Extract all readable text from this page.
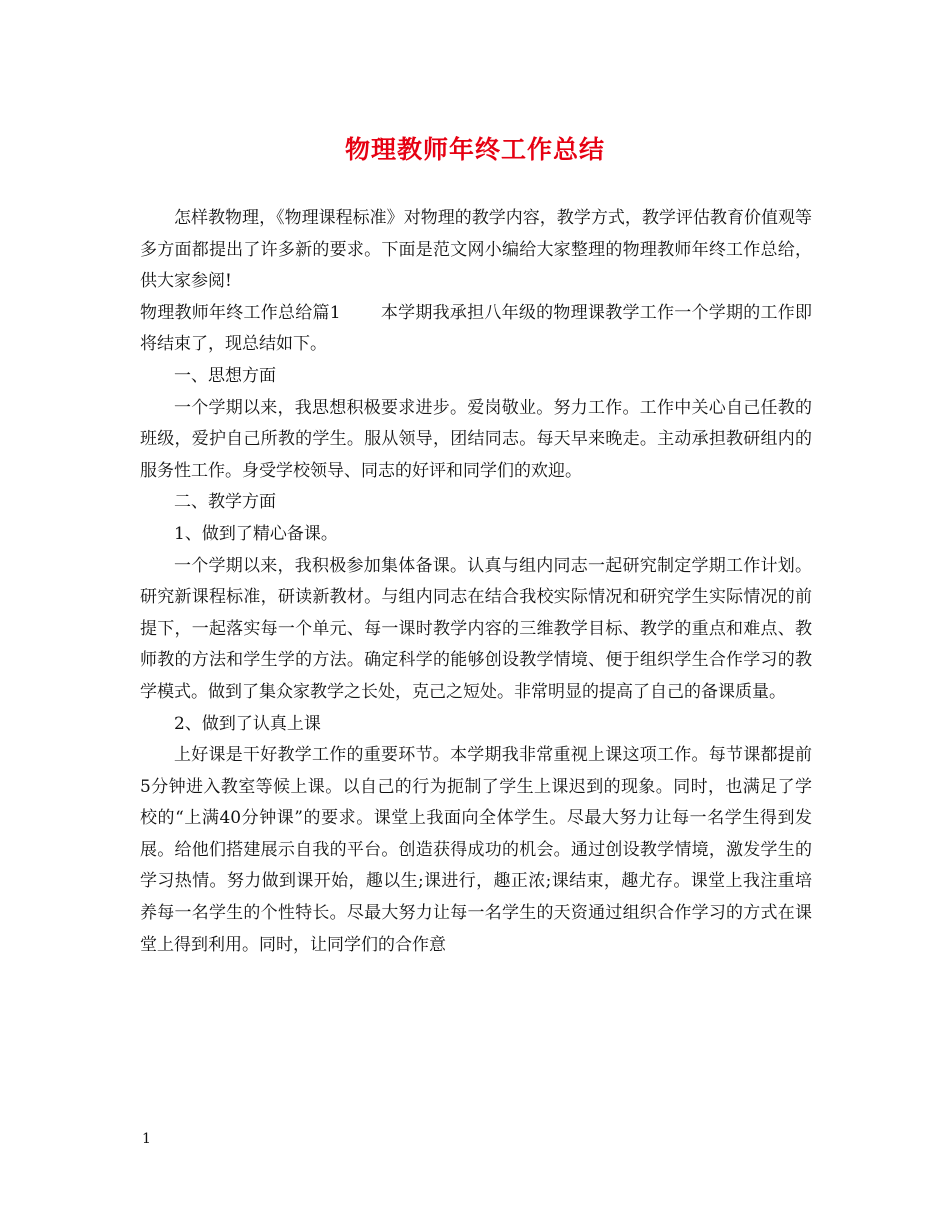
物理教师年终工作总结

怎样教物理，《物理课程标准》对物理的教学内容，教学方式，教学评估教育价值观等多方面都提出了许多新的要求。下面是范文网小编给大家整理的物理教师年终工作总给，供大家参阅!

物理教师年终工作总给篇1 本学期我承担八年级的物理课教学工作一个学期的工作即将结束了，现总结如下。

一、思想方面

一个学期以来，我思想积极要求进步。爱岗敬业。努力工作。工作中关心自己任教的班级，爱护自己所教的学生。服从领导，团结同志。每天早来晚走。主动承担教研组内的服务性工作。身受学校领导、同志的好评和同学们的欢迎。

二、教学方面

1、做到了精心备课。

一个学期以来，我积极参加集体备课。认真与组内同志一起研究制定学期工作计划。研究新课程标准，研读新教材。与组内同志在结合我校实际情况和研究学生实际情况的前提下，一起落实每一个单元、每一课时教学内容的三维教学目标、教学的重点和难点、教师教的方法和学生学的方法。确定科学的能够创设教学情境、便于组织学生合作学习的教学模式。做到了集众家教学之长处，克己之短处。非常明显的提高了自己的备课质量。

2、做到了认真上课

上好课是干好教学工作的重要环节。本学期我非常重视上课这项工作。每节课都提前5分钟进入教室等候上课。以自己的行为扼制了学生上课迟到的现象。同时，也满足了学校的“上满40分钟课”的要求。课堂上我面向全体学生。尽最大努力让每一名学生得到发展。给他们搭建展示自我的平台。创造获得成功的机会。通过创设教学情境，激发学生的学习热情。努力做到课开始，趣以生;课进行，趣正浓;课结束，趣尤存。课堂上我注重培养每一名学生的个性特长。尽最大努力让每一名学生的天资通过组织合作学习的方式在课堂上得到利用。同时，让同学们的合作意

1
